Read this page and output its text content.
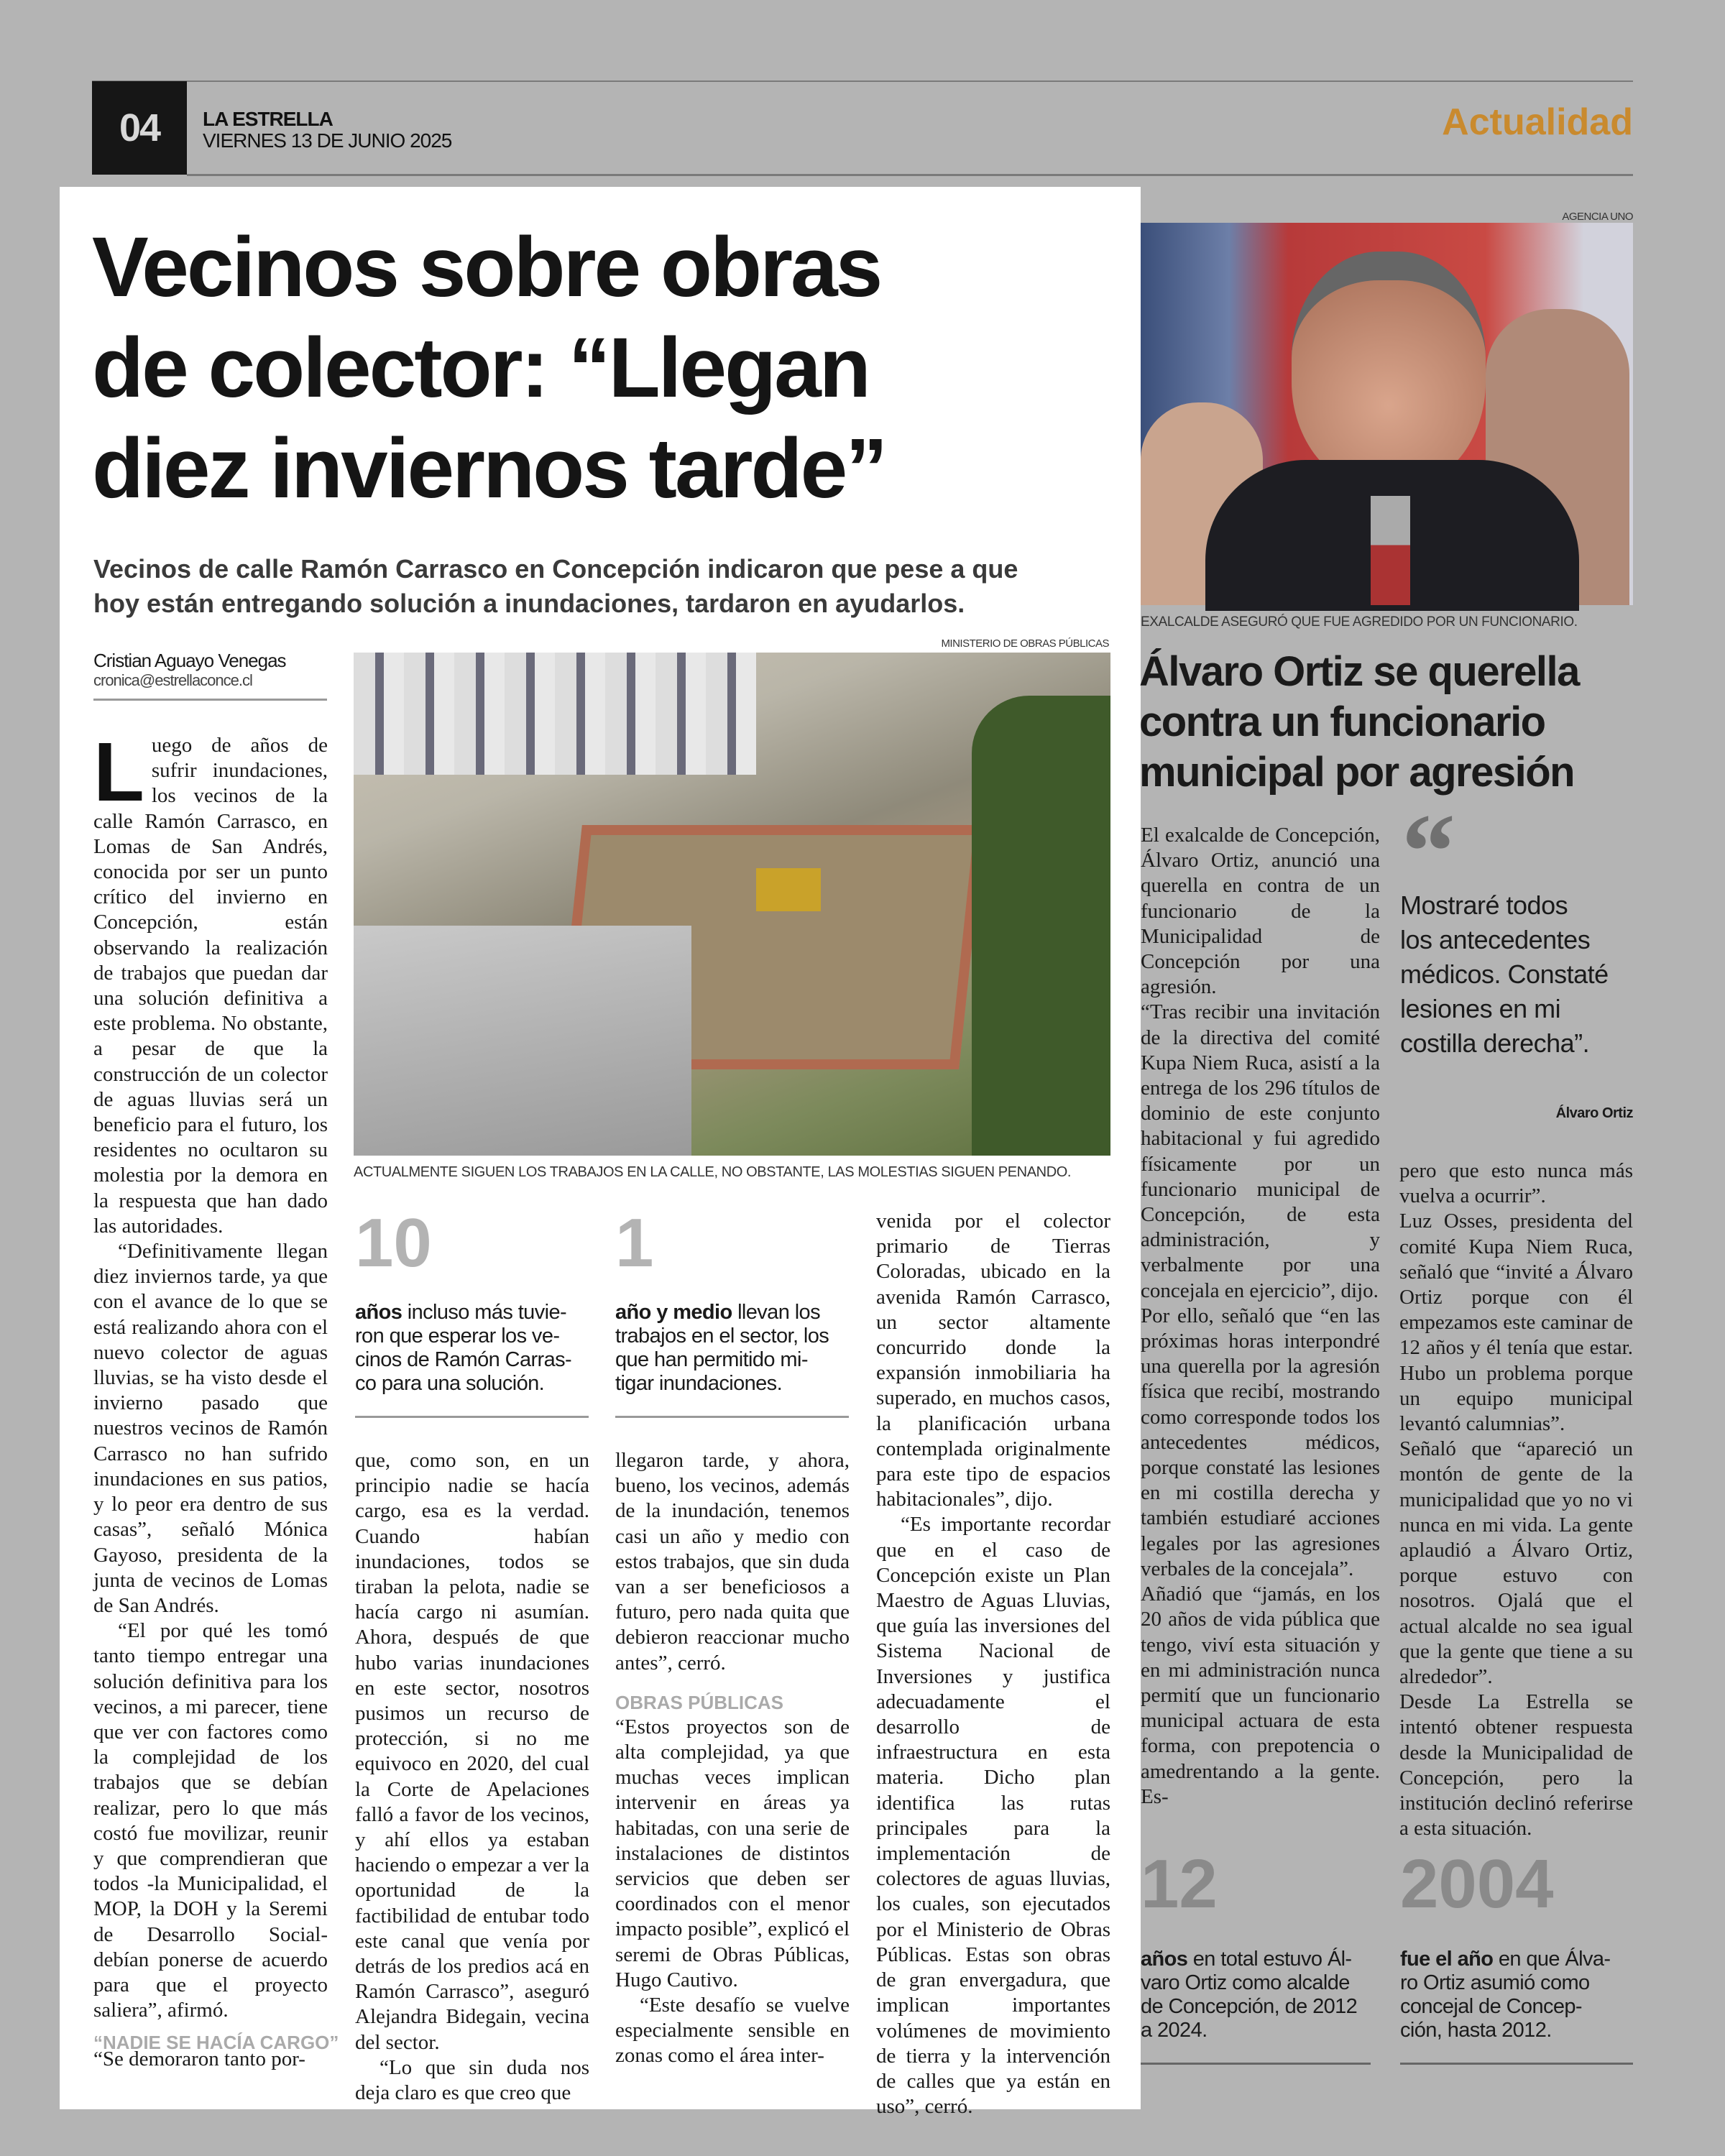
04	LA ESTRELLA
VIERNES 13 DE JUNIO 2025	Actualidad
Vecinos sobre obras
de colector: “Llegan
diez inviernos tarde”
Vecinos de calle Ramón Carrasco en Concepción indicaron que pese a que
hoy están entregando solución a inundaciones, tardaron en ayudarlos.
Cristian Aguayo Venegas
cronica@estrellaconce.cl
MINISTERIO DE OBRAS PÚBLICAS
ACTUALMENTE SIGUEN LOS TRABAJOS EN LA CALLE, NO OBSTANTE, LAS MOLESTIAS SIGUEN PENANDO.

Luego de años de sufrir inundaciones, los vecinos de la calle Ramón Carrasco, en Lomas de San Andrés, conocida por ser un punto crítico del invierno en Concepción, están observando la realización de trabajos que puedan dar una solución definitiva a este problema. No obstante, a pesar de que la construcción de un colector de aguas lluvias será un beneficio para el futuro, los residentes no ocultaron su molestia por la demora en la respuesta que han dado las autoridades.

“Definitivamente llegan diez inviernos tarde, ya que con el avance de lo que se está realizando ahora con el nuevo colector de aguas lluvias, se ha visto desde el invierno pasado que nuestros vecinos de Ramón Carrasco no han sufrido inundaciones en sus patios, y lo peor era dentro de sus casas”, señaló Mónica Gayoso, presidenta de la junta de vecinos de Lomas de San Andrés.

“El por qué les tomó tanto tiempo entregar una solución definitiva para los vecinos, a mi parecer, tiene que ver con factores como la complejidad de los trabajos que se debían realizar, pero lo que más costó fue movilizar, reunir y que comprendieran que todos -la Municipalidad, el MOP, la DOH y la Seremi de Desarrollo Social- debían ponerse de acuerdo para que el proyecto saliera”, afirmó.

“NADIE SE HACÍA CARGO”
“Se demoraron tanto por-
10
años incluso más tuvie-
ron que esperar los ve-
cinos de Ramón Carras-
co para una solución.
1
año y medio llevan los
trabajos en el sector, los
que han permitido mi-
tigar inundaciones.

que, como son, en un principio nadie se hacía cargo, esa es la verdad. Cuando habían inundaciones, todos se tiraban la pelota, nadie se hacía cargo ni asumían. Ahora, después de que hubo varias inundaciones en este sector, nosotros pusimos un recurso de protección, si no me equivoco en 2020, del cual la Corte de Apelaciones falló a favor de los vecinos, y ahí ellos ya estaban haciendo o empezar a ver la oportunidad de la factibilidad de entubar todo este canal que venía por detrás de los predios acá en Ramón Carrasco”, aseguró Alejandra Bidegain, vecina del sector.

“Lo que sin duda nos deja claro es que creo que

llegaron tarde, y ahora, bueno, los vecinos, además de la inundación, tenemos casi un año y medio con estos trabajos, que sin duda van a ser beneficiosos a futuro, pero nada quita que debieron reaccionar mucho antes”, cerró.

OBRAS PÚBLICAS

“Estos proyectos son de alta complejidad, ya que muchas veces implican intervenir en áreas ya habitadas, con una serie de instalaciones de distintos servicios que deben ser coordinados con el menor impacto posible”, explicó el seremi de Obras Públicas, Hugo Cautivo.

“Este desafío se vuelve especialmente sensible en zonas como el área inter-

venida por el colector primario de Tierras Coloradas, ubicado en la avenida Ramón Carrasco, un sector altamente concurrido donde la expansión inmobiliaria ha superado, en muchos casos, la planificación urbana contemplada originalmente para este tipo de espacios habitacionales”, dijo.

“Es importante recordar que en el caso de Concepción existe un Plan Maestro de Aguas Lluvias, que guía las inversiones del Sistema Nacional de Inversiones y justifica adecuadamente el desarrollo de infraestructura en esta materia. Dicho plan identifica las rutas principales para la implementación de colectores de aguas lluvias, los cuales, son ejecutados por el Ministerio de Obras Públicas. Estas son obras de gran envergadura, que implican importantes volúmenes de movimiento de tierra y la intervención de calles que ya están en uso”, cerró.

AGENCIA UNO
EXALCALDE ASEGURÓ QUE FUE AGREDIDO POR UN FUNCIONARIO.
Álvaro Ortiz se querella
contra un funcionario
municipal por agresión

El exalcalde de Concepción, Álvaro Ortiz, anunció una querella en contra de un funcionario de la Municipalidad de Concepción por una agresión.

“Tras recibir una invitación de la directiva del comité Kupa Niem Ruca, asistí a la entrega de los 296 títulos de dominio de este conjunto habitacional y fui agredido físicamente por un funcionario municipal de Concepción, de esta administración, y verbalmente por una concejala en ejercicio”, dijo.

Por ello, señaló que “en las próximas horas interpondré una querella por la agresión física que recibí, mostrando como corresponde todos los antecedentes médicos, porque constaté las lesiones en mi costilla derecha y también estudiaré acciones legales por las agresiones verbales de la concejala”.

Añadió que “jamás, en los 20 años de vida pública que tengo, viví esta situación y en mi administración nunca permití que un funcionario municipal actuara de esta forma, con prepotencia o amedrentando a la gente. Es-

“
Mostraré todos
los antecedentes
médicos. Constaté
lesiones en mi
costilla derecha”.
Álvaro Ortiz

pero que esto nunca más vuelva a ocurrir”.

Luz Osses, presidenta del comité Kupa Niem Ruca, señaló que “invité a Álvaro Ortiz porque con él empezamos este caminar de 12 años y él tenía que estar. Hubo un problema porque un equipo municipal levantó calumnias”.

Señaló que “apareció un montón de gente de la municipalidad que yo no vi nunca en mi vida. La gente aplaudió a Álvaro Ortiz, porque estuvo con nosotros. Ojalá que el actual alcalde no sea igual que la gente que tiene a su alrededor”.

Desde La Estrella se intentó obtener respuesta desde la Municipalidad de Concepción, pero la institución declinó referirse a esta situación.

12
años en total estuvo Ál-
varo Ortiz como alcalde
de Concepción, de 2012
a 2024.
2004
fue el año en que Álva-
ro Ortiz asumió como
concejal de Concep-
ción, hasta 2012.
